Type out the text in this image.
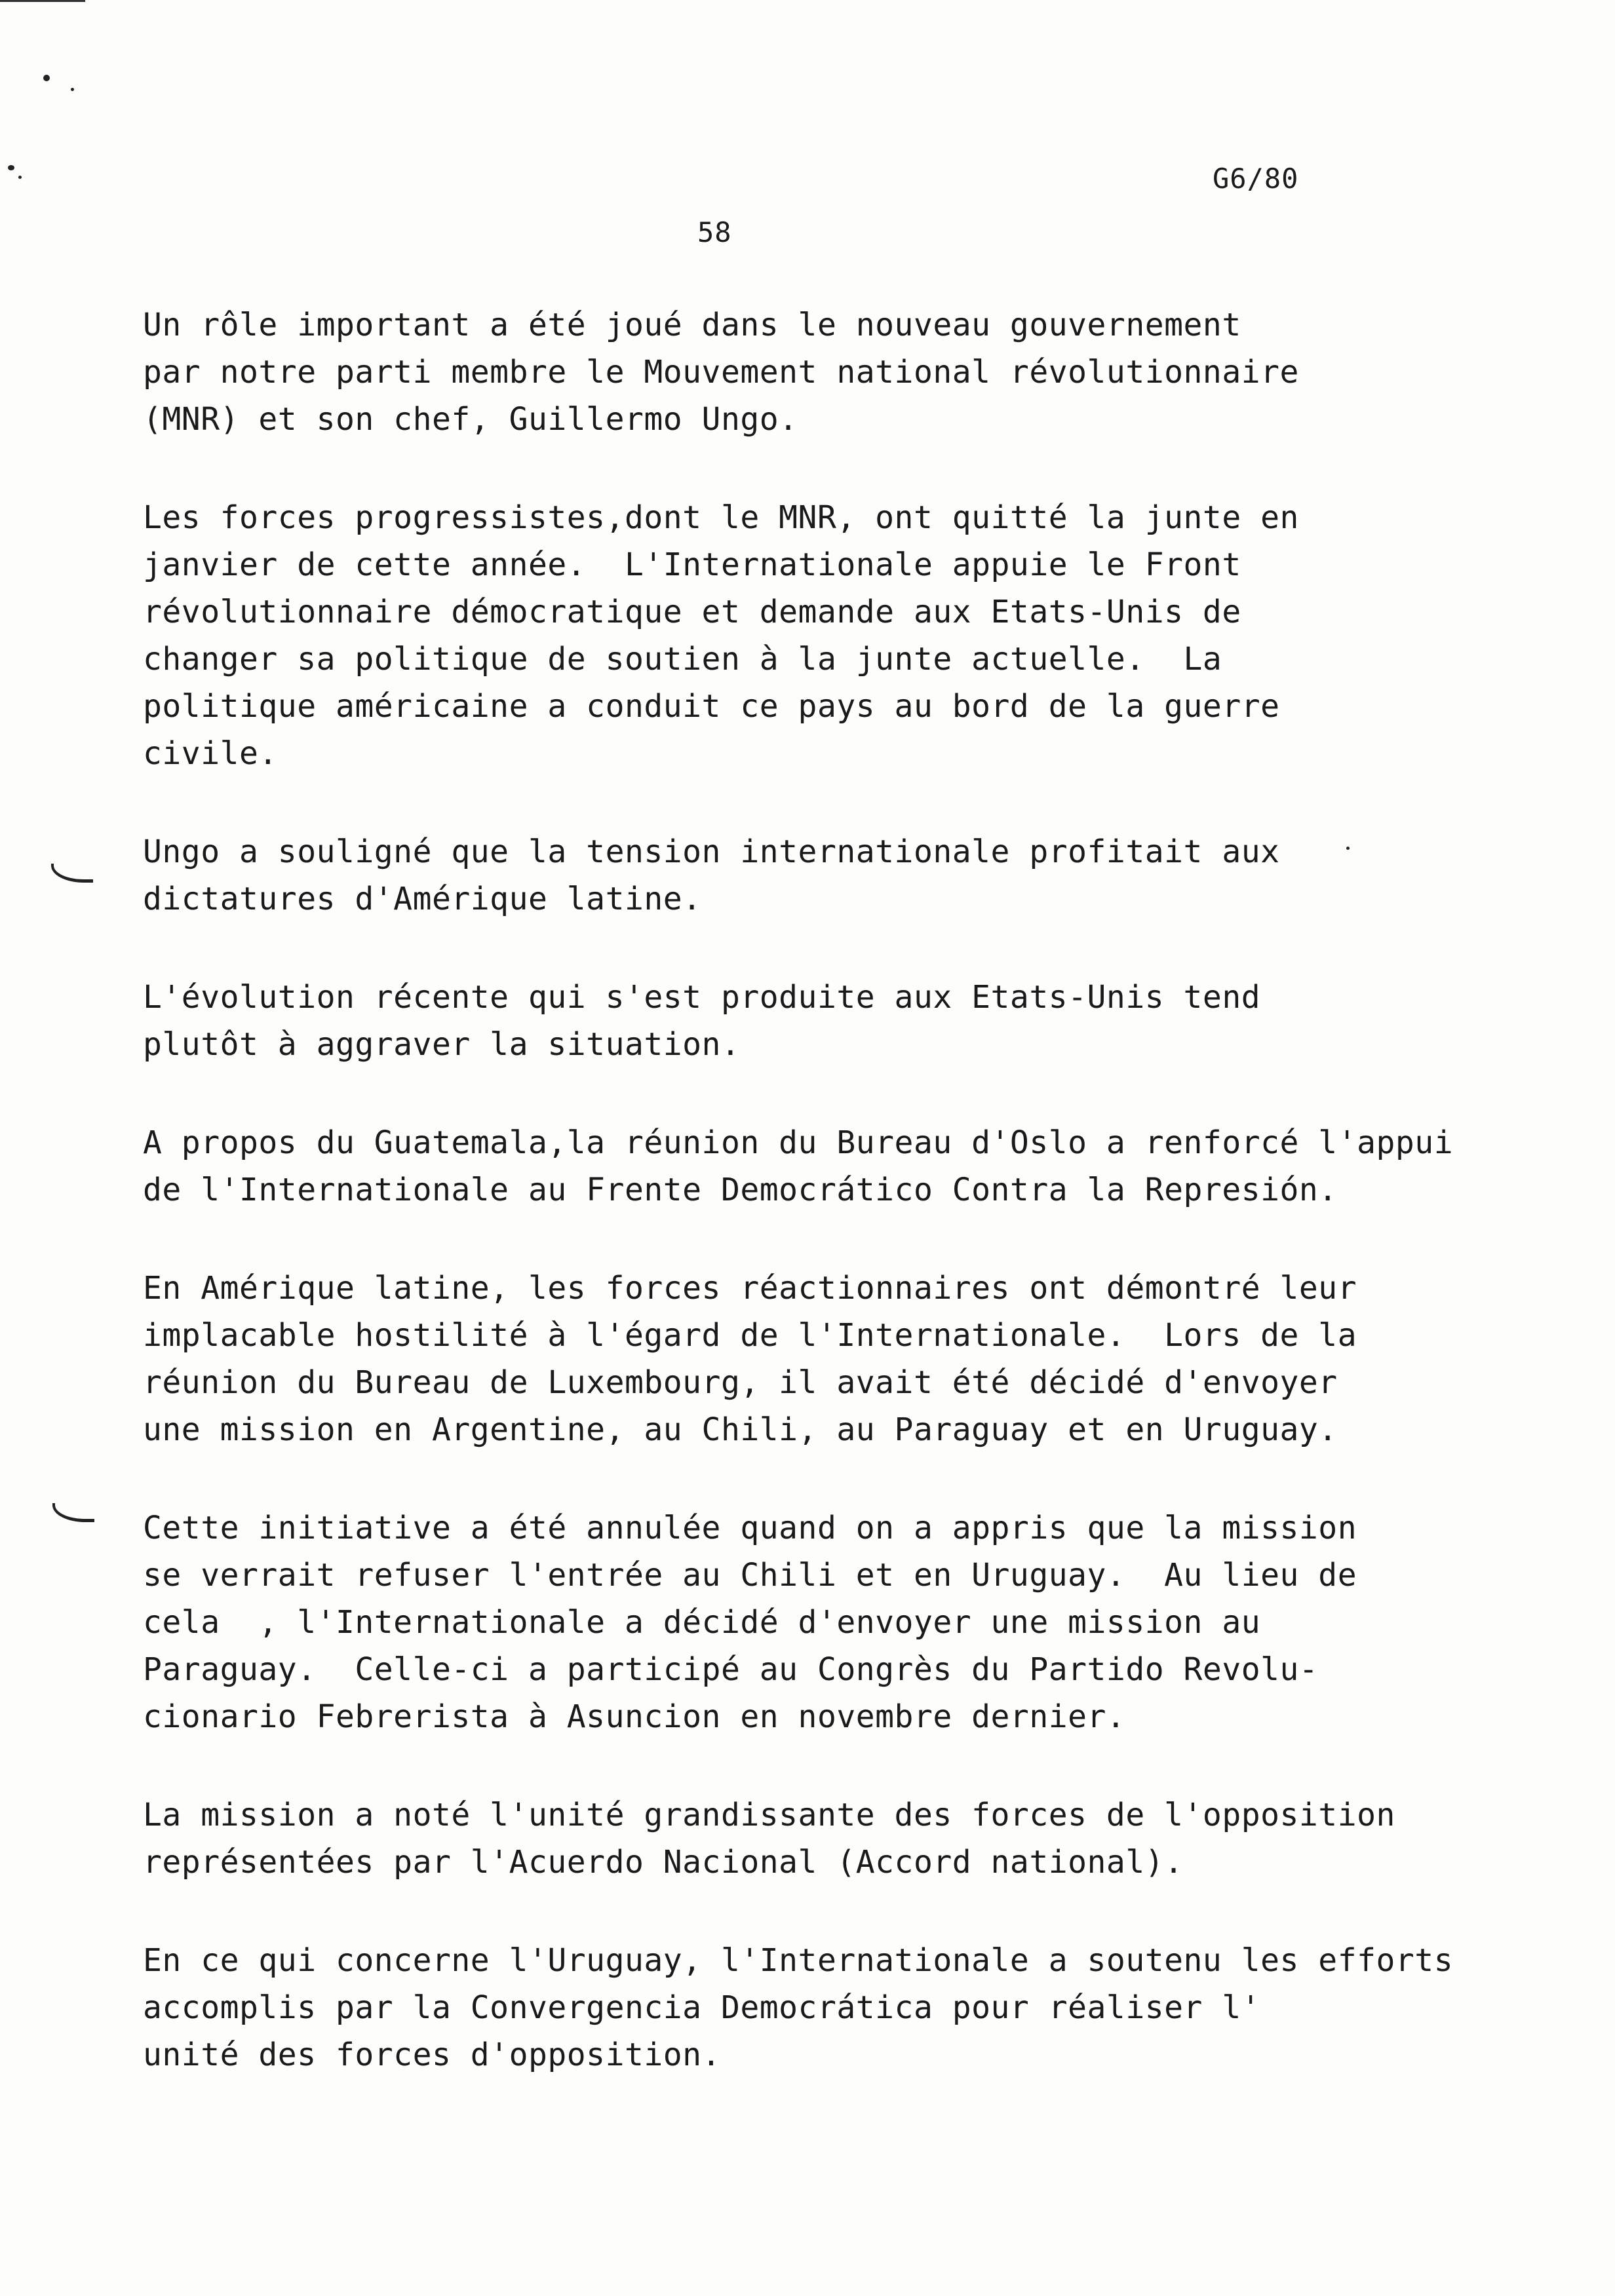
G6/80
58
Un rôle important a été joué dans le nouveau gouvernement
par notre parti membre le Mouvement national révolutionnaire
(MNR) et son chef, Guillermo Ungo.
Les forces progressistes,dont le MNR, ont quitté la junte en
janvier de cette année.  L'Internationale appuie le Front
révolutionnaire démocratique et demande aux Etats-Unis de
changer sa politique de soutien à la junte actuelle.  La
politique américaine a conduit ce pays au bord de la guerre
civile.
Ungo a souligné que la tension internationale profitait aux
dictatures d'Amérique latine.
L'évolution récente qui s'est produite aux Etats-Unis tend
plutôt à aggraver la situation.
A propos du Guatemala,la réunion du Bureau d'Oslo a renforcé l'appui
de l'Internationale au Frente Democrático Contra la Represión.
En Amérique latine, les forces réactionnaires ont démontré leur
implacable hostilité à l'égard de l'Internationale.  Lors de la
réunion du Bureau de Luxembourg, il avait été décidé d'envoyer
une mission en Argentine, au Chili, au Paraguay et en Uruguay.
Cette initiative a été annulée quand on a appris que la mission
se verrait refuser l'entrée au Chili et en Uruguay.  Au lieu de
cela  , l'Internationale a décidé d'envoyer une mission au
Paraguay.  Celle-ci a participé au Congrès du Partido Revolu-
cionario Febrerista à Asuncion en novembre dernier.
La mission a noté l'unité grandissante des forces de l'opposition
représentées par l'Acuerdo Nacional (Accord national).
En ce qui concerne l'Uruguay, l'Internationale a soutenu les efforts
accomplis par la Convergencia Democrática pour réaliser l'
unité des forces d'opposition.
